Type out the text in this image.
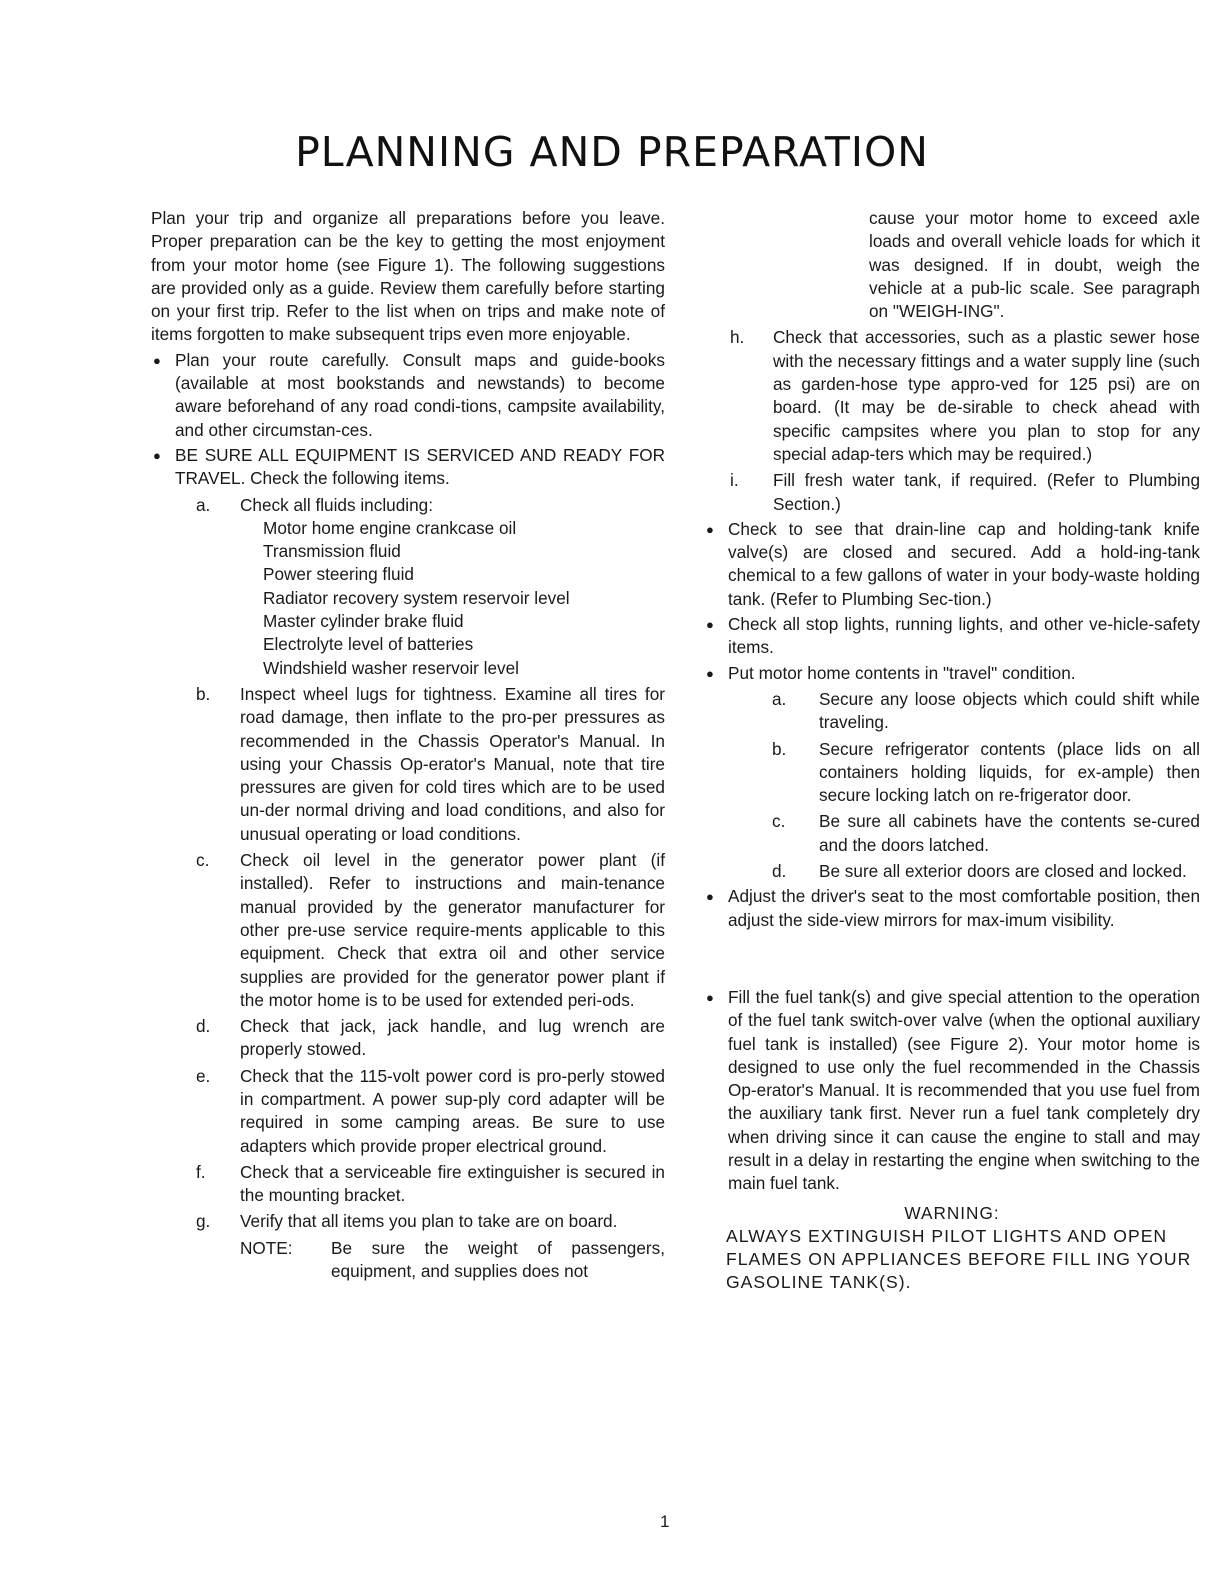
PLANNING AND PREPARATION

Plan your trip and organize all preparations before you leave. Proper preparation can be the key to getting the most enjoyment from your motor home (see Figure 1). The following suggestions are provided only as a guide. Review them carefully before starting on your first trip. Refer to the list when on trips and make note of items forgotten to make subsequent trips even more enjoyable.

● Plan your route carefully. Consult maps and guide-books (available at most bookstands and newstands) to become aware beforehand of any road condi-tions, campsite availability, and other circumstan-ces.
● BE SURE ALL EQUIPMENT IS SERVICED AND READY FOR TRAVEL. Check the following items.
a. Check all fluids including:
Motor home engine crankcase oil
Transmission fluid
Power steering fluid
Radiator recovery system reservoir level
Master cylinder brake fluid
Electrolyte level of batteries
Windshield washer reservoir level
b. Inspect wheel lugs for tightness. Examine all tires for road damage, then inflate to the pro-per pressures as recommended in the Chassis Operator's Manual. In using your Chassis Op-erator's Manual, note that tire pressures are given for cold tires which are to be used un-der normal driving and load conditions, and also for unusual operating or load conditions.
c. Check oil level in the generator power plant (if installed). Refer to instructions and main-tenance manual provided by the generator manufacturer for other pre-use service require-ments applicable to this equipment. Check that extra oil and other service supplies are provided for the generator power plant if the motor home is to be used for extended peri-ods.
d. Check that jack, jack handle, and lug wrench are properly stowed.
e. Check that the 115-volt power cord is pro-perly stowed in compartment. A power sup-ply cord adapter will be required in some camping areas. Be sure to use adapters which provide proper electrical ground.
f. Check that a serviceable fire extinguisher is secured in the mounting bracket.
g. Verify that all items you plan to take are on board.
NOTE: Be sure the weight of passengers, equipment, and supplies does not

cause your motor home to exceed axle loads and overall vehicle loads for which it was designed. If in doubt, weigh the vehicle at a pub-lic scale. See paragraph on "WEIGH-ING".

h. Check that accessories, such as a plastic sewer hose with the necessary fittings and a water supply line (such as garden-hose type appro-ved for 125 psi) are on board. (It may be de-sirable to check ahead with specific campsites where you plan to stop for any special adap-ters which may be required.)
i. Fill fresh water tank, if required. (Refer to Plumbing Section.)
● Check to see that drain-line cap and holding-tank knife valve(s) are closed and secured. Add a hold-ing-tank chemical to a few gallons of water in your body-waste holding tank. (Refer to Plumbing Sec-tion.)
● Check all stop lights, running lights, and other ve-hicle-safety items.
● Put motor home contents in "travel" condition.
a. Secure any loose objects which could shift while traveling.
b. Secure refrigerator contents (place lids on all containers holding liquids, for ex-ample) then secure locking latch on re-frigerator door.
c. Be sure all cabinets have the contents se-cured and the doors latched.
d. Be sure all exterior doors are closed and locked.
● Adjust the driver's seat to the most comfortable position, then adjust the side-view mirrors for max-imum visibility.
● Fill the fuel tank(s) and give special attention to the operation of the fuel tank switch-over valve (when the optional auxiliary fuel tank is installed) (see Figure 2). Your motor home is designed to use only the fuel recommended in the Chassis Op-erator's Manual. It is recommended that you use fuel from the auxiliary tank first. Never run a fuel tank completely dry when driving since it can cause the engine to stall and may result in a delay in restarting the engine when switching to the main fuel tank.
WARNING:
ALWAYS EXTINGUISH PILOT LIGHTS AND OPEN FLAMES ON APPLIANCES BEFORE FILL ING YOUR GASOLINE TANK(S).
1
